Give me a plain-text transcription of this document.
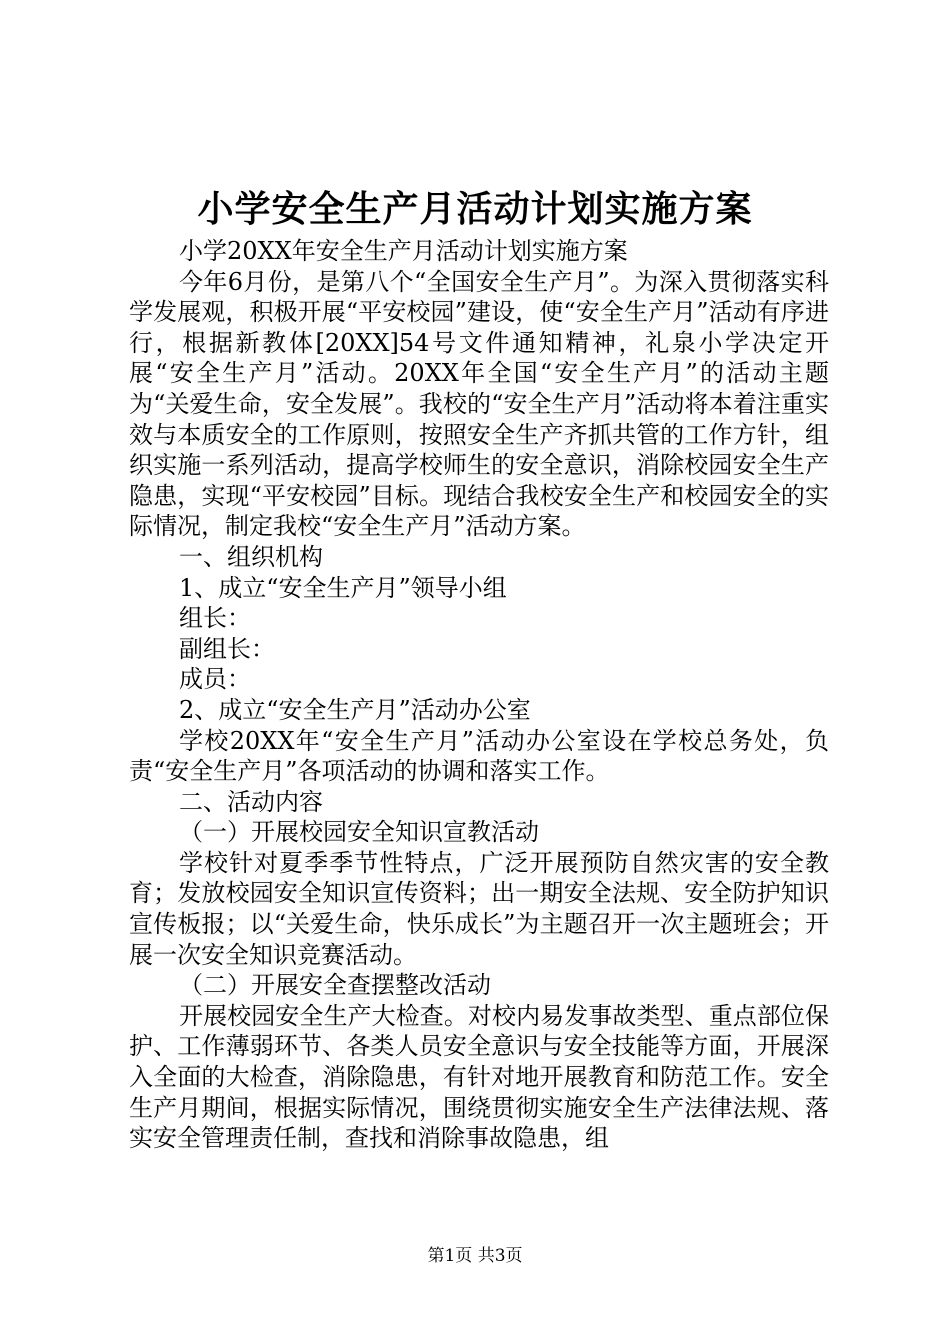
小学安全生产月活动计划实施方案

小学20XX年安全生产月活动计划实施方案

今年6月份，是第八个“全国安全生产月”。为深入贯彻落实科学发展观，积极开展“平安校园”建设，使“安全生产月”活动有序进行，根据新教体[20XX]54号文件通知精神，礼泉小学决定开展“安全生产月”活动。20XX年全国“安全生产月”的活动主题为“关爱生命，安全发展”。我校的“安全生产月”活动将本着注重实效与本质安全的工作原则，按照安全生产齐抓共管的工作方针，组织实施一系列活动，提高学校师生的安全意识，消除校园安全生产隐患，实现“平安校园”目标。现结合我校安全生产和校园安全的实际情况，制定我校“安全生产月”活动方案。

一、组织机构

1、成立“安全生产月”领导小组

组长：

副组长：

成员：

2、成立“安全生产月”活动办公室

学校20XX年“安全生产月”活动办公室设在学校总务处，负责“安全生产月”各项活动的协调和落实工作。

二、活动内容

（一）开展校园安全知识宣教活动

学校针对夏季季节性特点，广泛开展预防自然灾害的安全教育；发放校园安全知识宣传资料；出一期安全法规、安全防护知识宣传板报；以“关爱生命，快乐成长”为主题召开一次主题班会；开展一次安全知识竞赛活动。

（二）开展安全查摆整改活动

开展校园安全生产大检查。对校内易发事故类型、重点部位保护、工作薄弱环节、各类人员安全意识与安全技能等方面，开展深入全面的大检查，消除隐患，有针对地开展教育和防范工作。安全生产月期间，根据实际情况，围绕贯彻实施安全生产法律法规、落实安全管理责任制，查找和消除事故隐患，组

第1页 共3页
